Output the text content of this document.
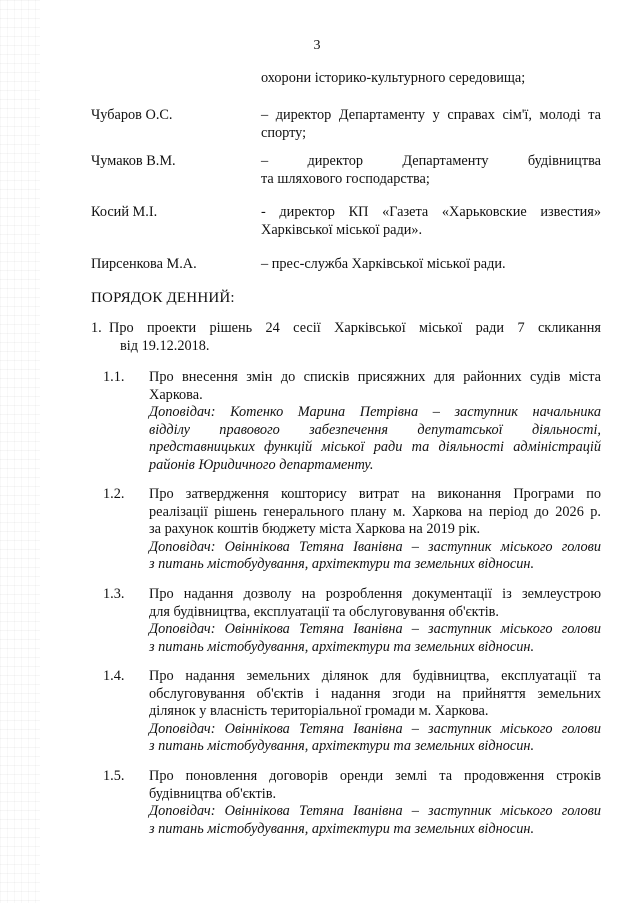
3
охорони історико-культурного середовища;
Чубаров О.С.	– директор Департаменту у справах сім'ї, молоді та
спорту;
Чумаков В.М.	– директор Департаменту будівництва
та шляхового господарства;
Косий М.І.	- директор КП «Газета «Харьковские известия»
Харківської міської ради».
Пирсенкова М.А.	– прес-служба Харківської міської ради.
ПОРЯДОК ДЕННИЙ:
1. Про проекти рішень 24 сесії Харківської міської ради 7 скликання
від 19.12.2018.
1.1.	Про внесення змін до списків присяжних для районних судів міста
Харкова.
Доповідач: Котенко Марина Петрівна – заступник начальника
відділу правового забезпечення депутатської діяльності,
представницьких функцій міської ради та діяльності адміністрацій
районів Юридичного департаменту.
1.2.	Про затвердження кошторису витрат на виконання Програми по
реалізації рішень генерального плану м. Харкова на період до 2026 р.
за рахунок коштів бюджету міста Харкова на 2019 рік.
Доповідач: Овіннікова Тетяна Іванівна – заступник міського голови
з питань містобудування, архітектури та земельних відносин.
1.3.	Про надання дозволу на розроблення документації із землеустрою
для будівництва, експлуатації та обслуговування об'єктів.
Доповідач: Овіннікова Тетяна Іванівна – заступник міського голови
з питань містобудування, архітектури та земельних відносин.
1.4.	Про надання земельних ділянок для будівництва, експлуатації та
обслуговування об'єктів і надання згоди на прийняття земельних
ділянок у власність територіальної громади м. Харкова.
Доповідач: Овіннікова Тетяна Іванівна – заступник міського голови
з питань містобудування, архітектури та земельних відносин.
1.5.	Про поновлення договорів оренди землі та продовження строків
будівництва об'єктів.
Доповідач: Овіннікова Тетяна Іванівна – заступник міського голови
з питань містобудування, архітектури та земельних відносин.
